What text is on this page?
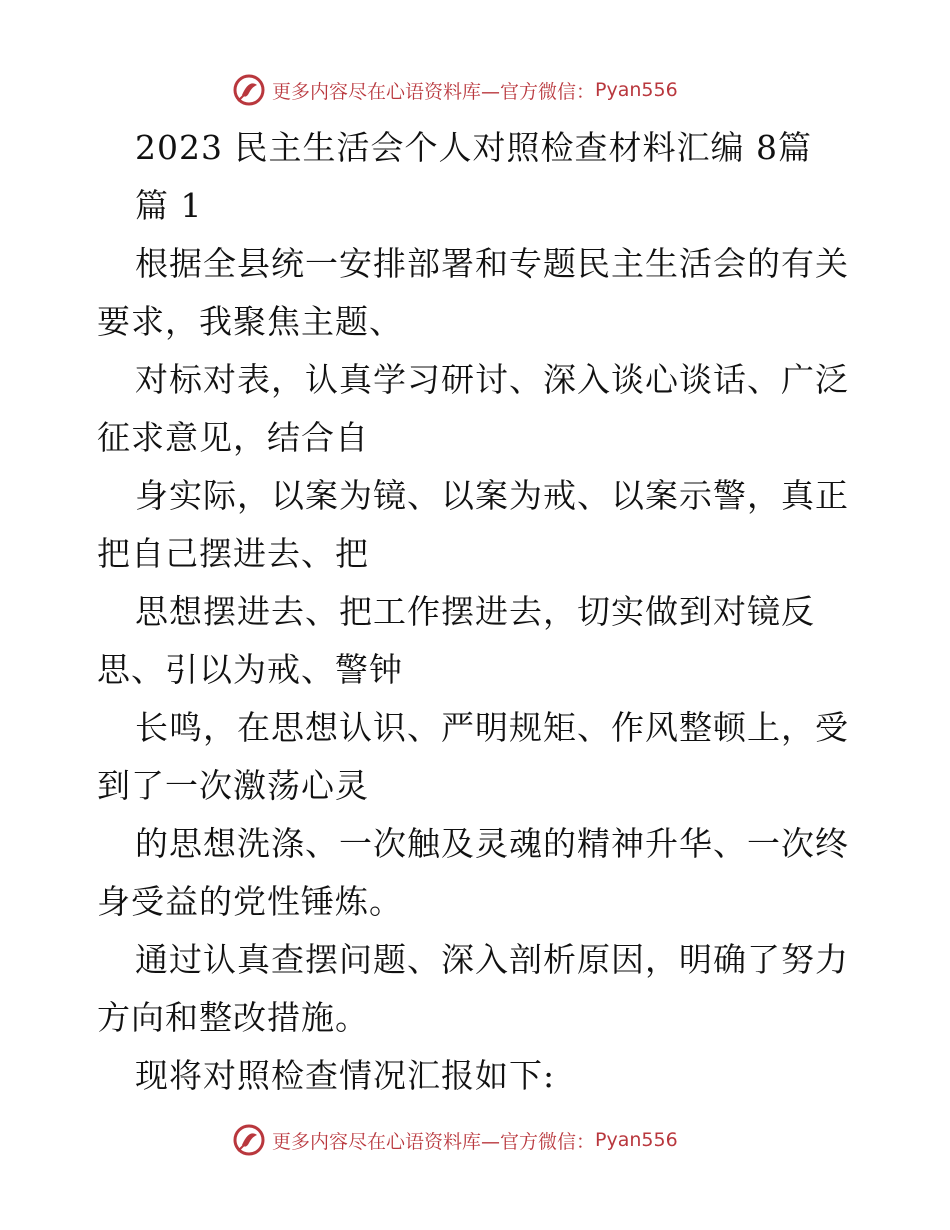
更多内容尽在心语资料库—官方微信： Pyan556
2023 民主生活会个人对照检查材料汇编 8篇
篇 1
根据全县统一安排部署和专题民主生活会的有关
要求，我聚焦主题、
对标对表，认真学习研讨、深入谈心谈话、广泛
征求意见，结合自
身实际，以案为镜、以案为戒、以案示警，真正
把自己摆进去、把
思想摆进去、把工作摆进去，切实做到对镜反
思、引以为戒、警钟
长鸣，在思想认识、严明规矩、作风整顿上，受
到了一次激荡心灵
的思想洗涤、一次触及灵魂的精神升华、一次终
身受益的党性锤炼。
通过认真查摆问题、深入剖析原因，明确了努力
方向和整改措施。
现将对照检查情况汇报如下:
更多内容尽在心语资料库—官方微信： Pyan556
